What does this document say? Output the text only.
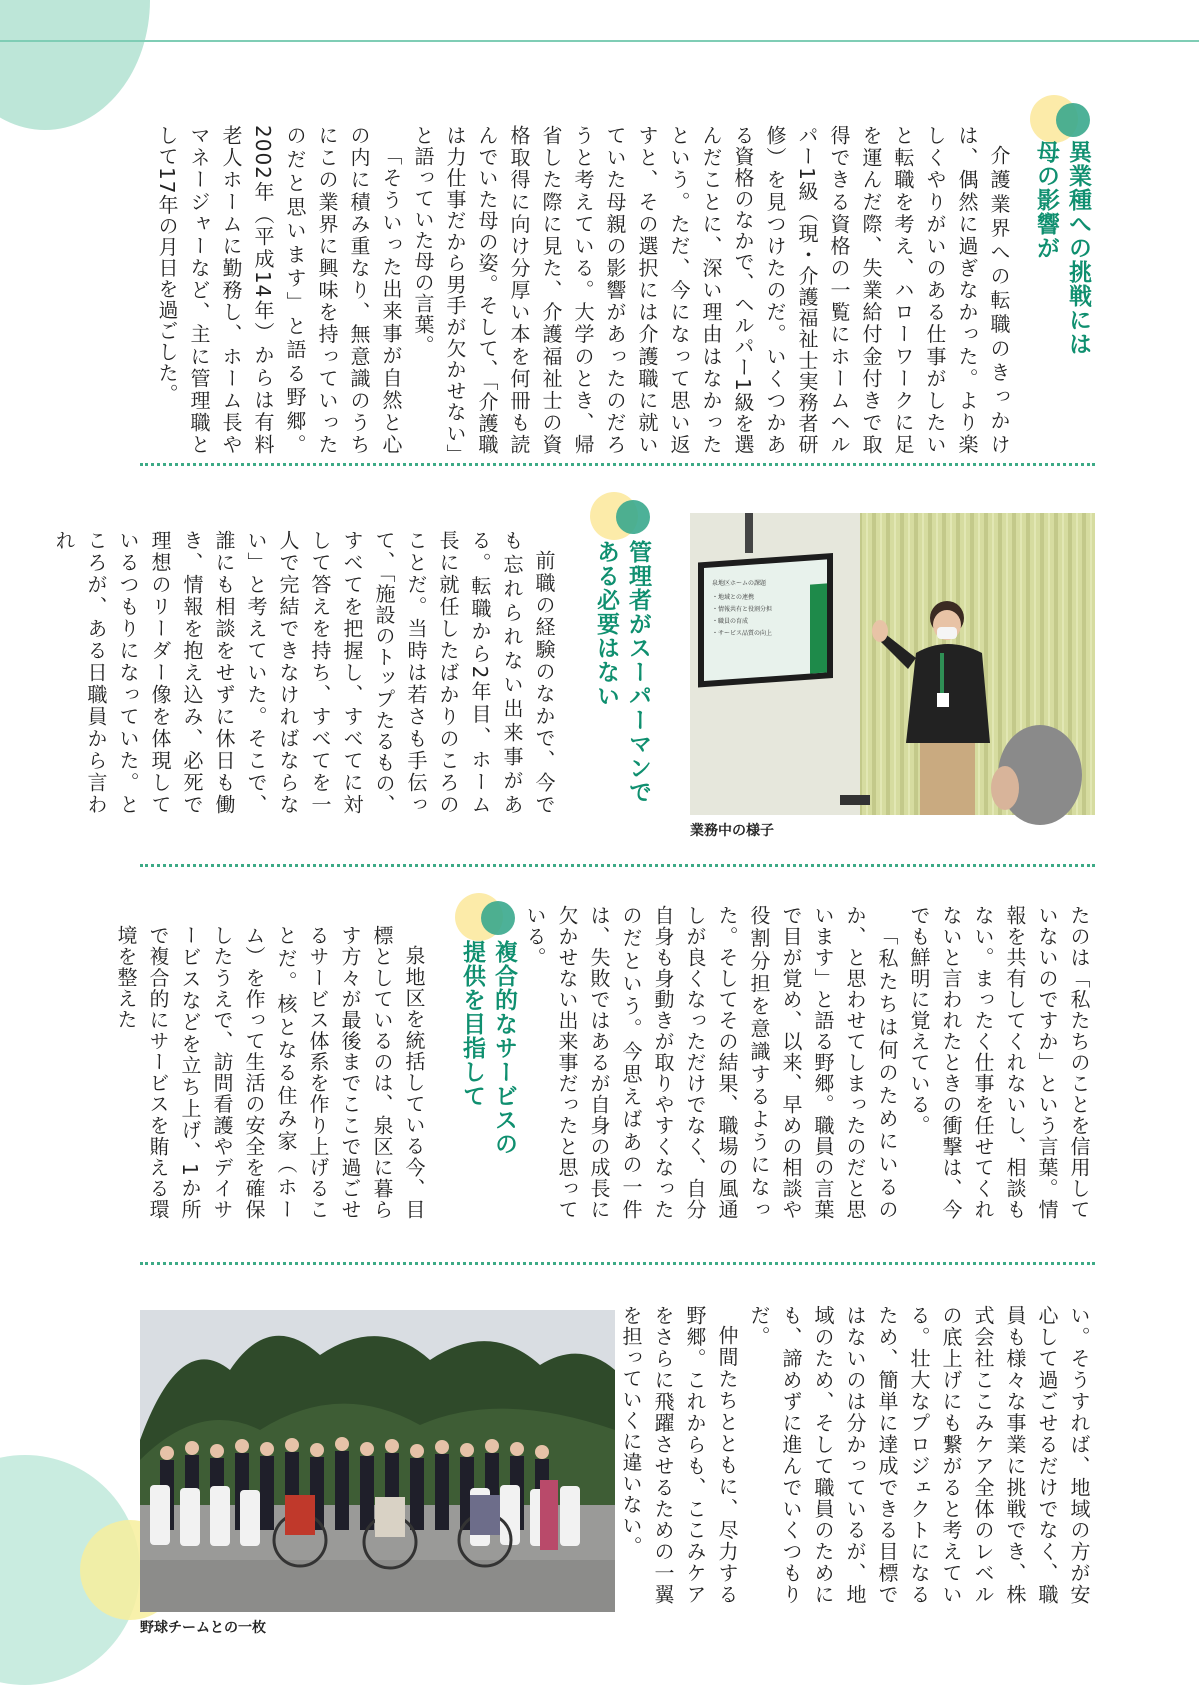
異業種への挑戦には
母の影響が

介護業界への転職のきっかけは、偶然に過ぎなかった。より楽しくやりがいのある仕事がしたいと転職を考え、ハローワークに足を運んだ際、失業給付金付きで取得できる資格の一覧にホームヘルパー1級（現・介護福祉士実務者研修）を見つけたのだ。いくつかある資格のなかで、ヘルパー1級を選んだことに、深い理由はなかったという。ただ、今になって思い返すと、その選択には介護職に就いていた母親の影響があったのだろうと考えている。大学のとき、帰省した際に見た、介護福祉士の資格取得に向け分厚い本を何冊も読んでいた母の姿。そして、「介護職は力仕事だから男手が欠かせない」と語っていた母の言葉。

「そういった出来事が自然と心の内に積み重なり、無意識のうちにこの業界に興味を持っていったのだと思います」と語る野郷。2002年（平成14年）からは有料老人ホームに勤務し、ホーム長やマネージャーなど、主に管理職として17年の月日を過ごした。

泉地区ホームの課題
・地域との連携
・情報共有と役割分担
・職員の育成
・サービス品質の向上
業務中の様子
管理者がスーパーマンで
ある必要はない

前職の経験のなかで、今でも忘れられない出来事がある。転職から2年目、ホーム長に就任したばかりのころのことだ。当時は若さも手伝って、「施設のトップたるもの、すべてを把握し、すべてに対して答えを持ち、すべてを一人で完結できなければならない」と考えていた。そこで、誰にも相談をせずに休日も働き、情報を抱え込み、必死で理想のリーダー像を体現しているつもりになっていた。ところが、ある日職員から言われ

たのは「私たちのことを信用していないのですか」という言葉。情報を共有してくれないし、相談もない。まったく仕事を任せてくれないと言われたときの衝撃は、今でも鮮明に覚えている。

「私たちは何のためにいるのか、と思わせてしまったのだと思います」と語る野郷。職員の言葉で目が覚め、以来、早めの相談や役割分担を意識するようになった。そしてその結果、職場の風通しが良くなっただけでなく、自分自身も身動きが取りやすくなったのだという。今思えばあの一件は、失敗ではあるが自身の成長に欠かせない出来事だったと思っている。

複合的なサービスの
提供を目指して

泉地区を統括している今、目標としているのは、泉区に暮らす方々が最後までここで過ごせるサービス体系を作り上げることだ。核となる住み家（ホーム）を作って生活の安全を確保したうえで、訪問看護やデイサービスなどを立ち上げ、1か所で複合的にサービスを賄える環境を整えた

野球チームとの一枚

い。そうすれば、地域の方が安心して過ごせるだけでなく、職員も様々な事業に挑戦でき、株式会社ここみケア全体のレベルの底上げにも繋がると考えている。壮大なプロジェクトになるため、簡単に達成できる目標ではないのは分かっているが、地域のため、そして職員のためにも、諦めずに進んでいくつもりだ。

仲間たちとともに、尽力する野郷。これからも、ここみケアをさらに飛躍させるための一翼を担っていくに違いない。
